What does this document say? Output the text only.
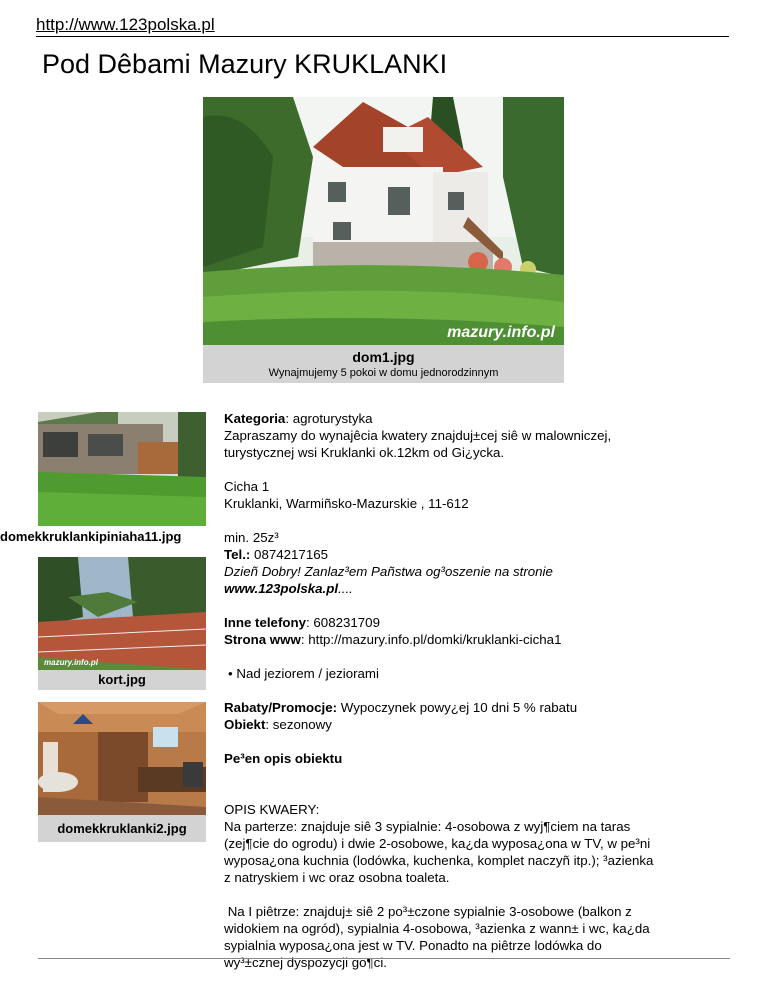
http://www.123polska.pl
Pod Dêbami Mazury KRUKLANKI
mazury.info.pl
dom1.jpg
Wynajmujemy 5 pokoi w domu jednorodzinnym
domekkruklankipiniaha11.jpg
mazury.info.pl
kort.jpg
domekkruklanki2.jpg

Kategoria: agroturystyka

Zapraszamy do wynajêcia kwatery znajduj±cej siê w malowniczej,

turystycznej wsi Kruklanki ok.12km od Gi¿ycka.

Cicha 1

Kruklanki, Warmiñsko-Mazurskie , 11-612

min. 25z³

Tel.: 0874217165

Dzieñ Dobry! Zanlaz³em Pañstwa og³oszenie na stronie

www.123polska.pl....

Inne telefony: 608231709

Strona www: http://mazury.info.pl/domki/kruklanki-cicha1

• Nad jeziorem / jeziorami

Rabaty/Promocje: Wypoczynek powy¿ej 10 dni 5 % rabatu

Obiekt: sezonowy

Pe³en opis obiektu

OPIS KWAERY:

Na parterze: znajduje siê 3 sypialnie: 4-osobowa z wyj¶ciem na taras

(zej¶cie do ogrodu) i dwie 2-osobowe, ka¿da wyposa¿ona w TV, w pe³ni

wyposa¿ona kuchnia (lodówka, kuchenka, komplet naczyñ itp.); ³azienka

z natryskiem i wc oraz osobna toaleta.

Na I piêtrze: znajduj± siê 2 po³±czone sypialnie 3-osobowe (balkon z

widokiem na ogród), sypialnia 4-osobowa, ³azienka z wann± i wc, ka¿da

sypialnia wyposa¿ona jest w TV. Ponadto na piêtrze lodówka do

wy³±cznej dyspozycji go¶ci.
